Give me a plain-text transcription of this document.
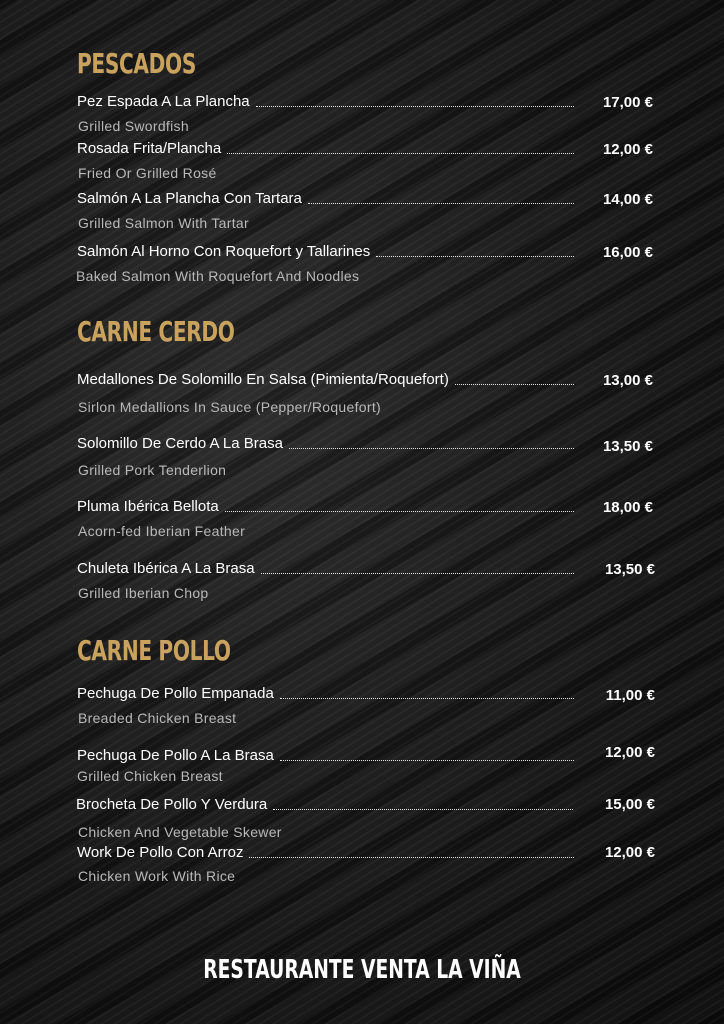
PESCADOS
Pez Espada A La Plancha	17,00 €
Grilled Swordfish
Rosada Frita/Plancha	12,00 €
Fried Or Grilled Rosé
Salmón A La Plancha Con Tartara	14,00 €
Grilled Salmon With Tartar
Salmón Al Horno Con Roquefort y Tallarines	16,00 €
Baked Salmon With Roquefort And Noodles
CARNE CERDO
Medallones De Solomillo En Salsa (Pimienta/Roquefort)	13,00 €
Sirlon Medallions In Sauce (Pepper/Roquefort)
Solomillo De Cerdo A La Brasa	13,50 €
Grilled Pork Tenderlion
Pluma Ibérica Bellota	18,00 €
Acorn-fed Iberian Feather
Chuleta Ibérica A La Brasa	13,50 €
Grilled Iberian Chop
CARNE POLLO
Pechuga De Pollo Empanada	11,00 €
Breaded Chicken Breast
Pechuga De Pollo A La Brasa	12,00 €
Grilled Chicken Breast
Brocheta De Pollo Y Verdura	15,00 €
Chicken And Vegetable Skewer
Work De Pollo Con Arroz	12,00 €
Chicken Work With Rice
RESTAURANTE VENTA LA VIÑA
